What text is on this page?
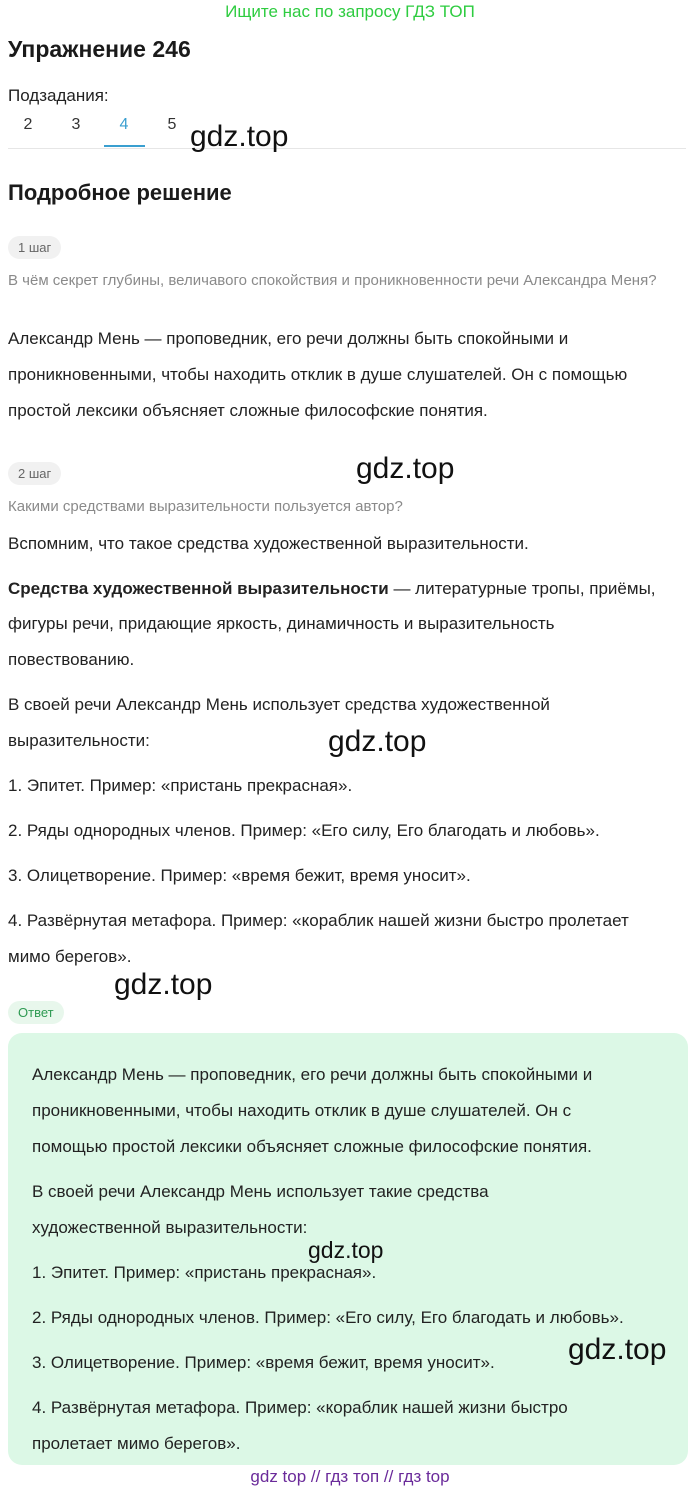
Ищите нас по запросу ГДЗ ТОП
Упражнение 246
Подзадания:
2	3	4	5 gdz.top
Подробное решение
1 шаг
В чём секрет глубины, величавого спокойствия и проникновенности речи Александра Меня?
Александр Мень — проповедник, его речи должны быть спокойными и
проникновенными, чтобы находить отклик в душе слушателей. Он с помощью
простой лексики объясняет сложные философские понятия.
2 шаг	gdz.top
Какими средствами выразительности пользуется автор?
Вспомним, что такое средства художественной выразительности.
Средства художественной выразительности — литературные тропы, приёмы,
фигуры речи, придающие яркость, динамичность и выразительность
повествованию.
В своей речи Александр Мень использует средства художественной
выразительности:	gdz.top
1. Эпитет. Пример: «пристань прекрасная».
2. Ряды однородных членов. Пример: «Его силу, Его благодать и любовь».
3. Олицетворение. Пример: «время бежит, время уносит».
4. Развёрнутая метафора. Пример: «кораблик нашей жизни быстро пролетает
мимо берегов».
gdz.top
Ответ
Александр Мень — проповедник, его речи должны быть спокойными и
проникновенными, чтобы находить отклик в душе слушателей. Он с
помощью простой лексики объясняет сложные философские понятия.
В своей речи Александр Мень использует такие средства
художественной выразительности:
gdz.top
1. Эпитет. Пример: «пристань прекрасная».
2. Ряды однородных членов. Пример: «Его силу, Его благодать и любовь».
gdz.top
3. Олицетворение. Пример: «время бежит, время уносит».
4. Развёрнутая метафора. Пример: «кораблик нашей жизни быстро
пролетает мимо берегов».
gdz top // гдз топ // гдз top
